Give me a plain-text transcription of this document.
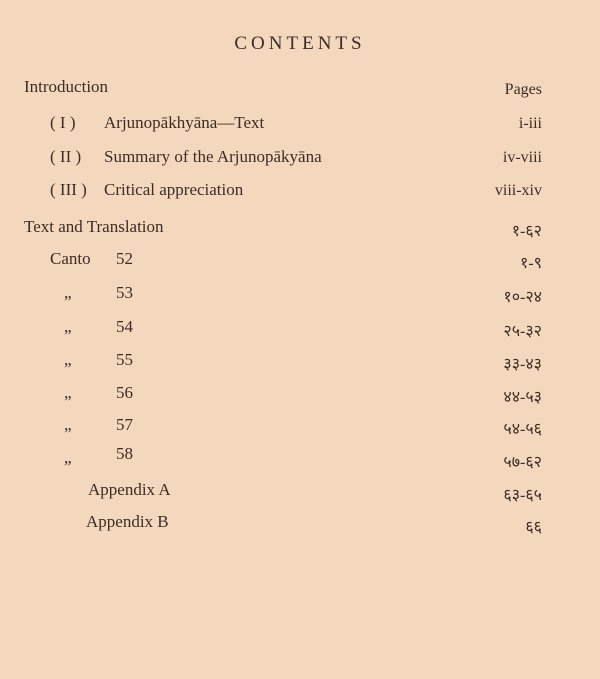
CONTENTS
Introduction	Pages
( I ) Arjunopākhyāna—Text	i-iii
( II ) Summary of the Arjunopākyāna	iv-viii
( III ) Critical appreciation	viii-xiv
Text and Translation	१-६२
Canto 52	१-९
„	53	१०-२४
„	54	२५-३२
„	55	३३-४३
„	56	४४-५३
„	57	५४-५६
„	58	५७-६२
Appendix A	६३-६५
Appendix B	६६
